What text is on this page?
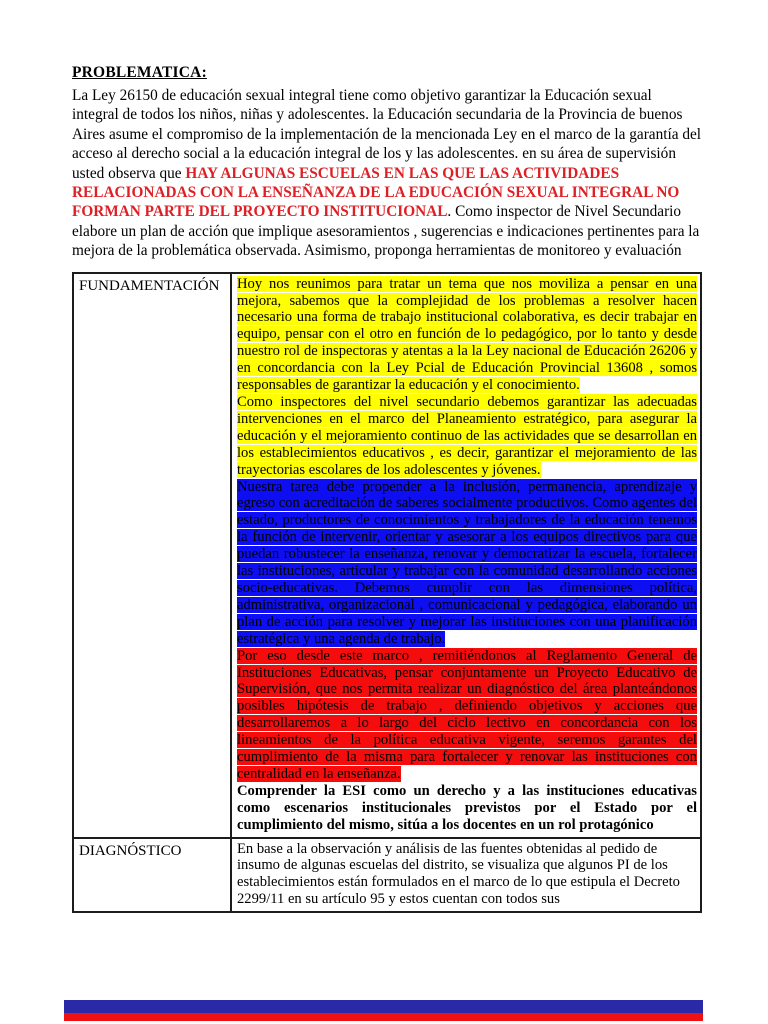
PROBLEMATICA:
La Ley 26150 de educación sexual integral tiene como objetivo garantizar la Educación sexual integral de todos los niños, niñas y adolescentes. la Educación secundaria de la Provincia de buenos Aires asume el compromiso de la implementación de la mencionada Ley en el marco de la garantía del acceso al derecho social a la educación integral de los y las adolescentes. en su área de supervisión usted observa que HAY ALGUNAS ESCUELAS EN LAS QUE LAS ACTIVIDADES RELACIONADAS CON LA ENSEÑANZA DE LA EDUCACIÓN SEXUAL INTEGRAL NO FORMAN PARTE DEL PROYECTO INSTITUCIONAL. Como inspector de Nivel Secundario elabore un plan de acción que implique asesoramientos , sugerencias e indicaciones pertinentes para la mejora de la problemática observada. Asimismo, proponga herramientas de monitoreo y evaluación
FUNDAMENTACIÓN	Hoy nos reunimos para tratar un tema que nos moviliza a pensar en una mejora, sabemos que la complejidad de los problemas a resolver hacen necesario una forma de trabajo institucional colaborativa, es decir trabajar en equipo, pensar con el otro en función de lo pedagógico, por lo tanto y desde nuestro rol de inspectoras y atentas a la la Ley nacional de Educación 26206 y en concordancia con la Ley Pcial de Educación Provincial 13608 , somos responsables de garantizar la educación y el conocimiento.

Como inspectores del nivel secundario debemos garantizar las adecuadas intervenciones en el marco del Planeamiento estratégico, para asegurar la educación y el mejoramiento continuo de las actividades que se desarrollan en los establecimientos educativos , es decir, garantizar el mejoramiento de las trayectorias escolares de los adolescentes y jóvenes.

Nuestra tarea debe propender a la inclusión, permanencia, aprendizaje y egreso con acreditación de saberes socialmente productivos. Como agentes del estado, productores de conocimientos y trabajadores de la educación tenemos la función de intervenir, orientar y asesorar a los equipos directivos para que puedan robustecer la enseñanza, renovar y democratizar la escuela, fortalecer las instituciones, articular y trabajar con la comunidad desarrollando acciones socio-educativas. Debemos cumplir con las dimensiones política, administrativa, organizacional , comunicacional y pedagógica, elaborando un plan de acción para resolver y mejorar las instituciones con una planificación estratégica y una agenda de trabajo.

Por eso desde este marco , remitiéndonos al Reglamento General de Instituciones Educativas, pensar conjuntamente un Proyecto Educativo de Supervisión, que nos permita realizar un diagnóstico del área planteándonos posibles hipótesis de trabajo , definiendo objetivos y acciones que desarrollaremos a lo largo del ciclo lectivo en concordancia con los lineamientos de la política educativa vigente, seremos garantes del cumplimiento de la misma para fortalecer y renovar las instituciones con centralidad en la enseñanza.

Comprender la ESI como un derecho y a las instituciones educativas como escenarios institucionales previstos por el Estado por el cumplimiento del mismo, sitúa a los docentes en un rol protagónico

DIAGNÓSTICO	En base a la observación y análisis de las fuentes obtenidas al pedido de insumo de algunas escuelas del distrito, se visualiza que algunos PI de los establecimientos están formulados en el marco de lo que estipula el Decreto 2299/11 en su artículo 95 y estos cuentan con todos sus
